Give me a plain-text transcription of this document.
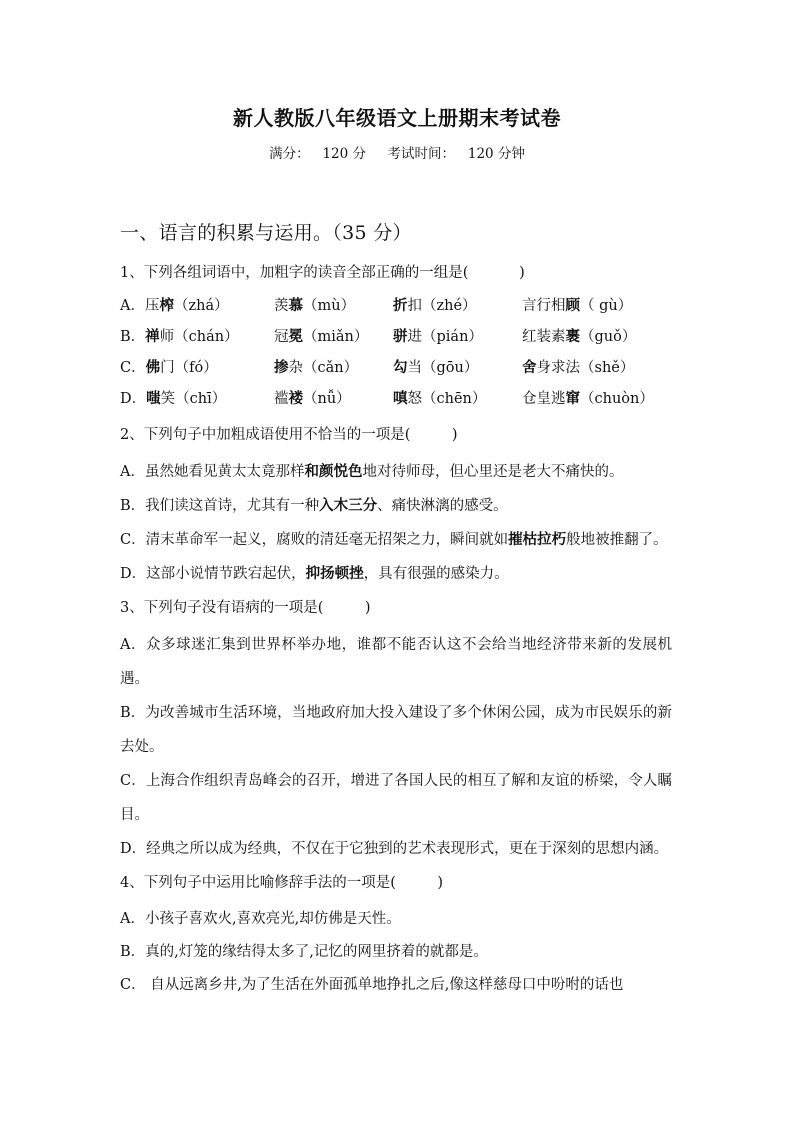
新人教版八年级语文上册期末考试卷
满分： 120 分 考试时间： 120 分钟
一、语言的积累与运用。（35 分）
1、下列各组词语中，加粗字的读音全部正确的一组是(	)
A．压榨（zhá）	羡慕（mù）	折扣（zhé）	言行相顾（ gù）
B．禅师（chán）	冠冕（miǎn）	骈进（pián）	红装素裹（guǒ）
C．佛门（fó）	掺杂（cǎn）	勾当（gōu）	舍身求法（shě）
D．嗤笑（chī）	褴褛（nǚ）	嗔怒（chēn）	仓皇逃窜（chuòn）
2、下列句子中加粗成语使用不恰当的一项是(	)
A．虽然她看见黄太太竟那样和颜悦色地对待师母，但心里还是老大不痛快的。
B．我们读这首诗，尤其有一种入木三分、痛快淋漓的感受。
C．清末革命军一起义，腐败的清廷毫无招架之力，瞬间就如摧枯拉朽般地被推翻了。
D．这部小说情节跌宕起伏，抑扬顿挫，具有很强的感染力。
3、下列句子没有语病的一项是(	)
A．众多球迷汇集到世界杯举办地，谁都不能否认这不会给当地经济带来新的发展机遇。
B．为改善城市生活环境，当地政府加大投入建设了多个休闲公园，成为市民娱乐的新去处。
C．上海合作组织青岛峰会的召开，增进了各国人民的相互了解和友谊的桥梁，令人瞩目。
D．经典之所以成为经典，不仅在于它独到的艺术表现形式，更在于深刻的思想内涵。
4、下列句子中运用比喻修辞手法的一项是(	)
A．小孩子喜欢火,喜欢亮光,却仿佛是天性。
B．真的,灯笼的缘结得太多了,记忆的网里挤着的就都是。
C． 自从远离乡井,为了生活在外面孤单地挣扎之后,像这样慈母口中吩咐的话也
